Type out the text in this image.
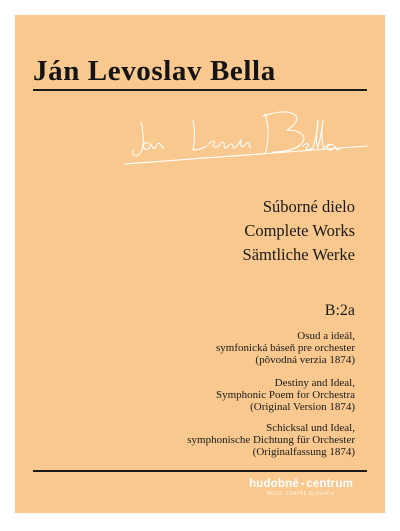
Ján Levoslav Bella
Súborné dielo
Complete Works
Sämtliche Werke
B:2a
Osud a ideál,
symfonická báseň pre orchester
(pôvodná verzia 1874)
Destiny and Ideal,
Symphonic Poem for Orchestra
(Original Version 1874)
Schicksal und Ideal,
symphonische Dichtung für Orchester
(Originalfassung 1874)
hudobné centrum
MUSIC CENTRE SLOVAKIA
